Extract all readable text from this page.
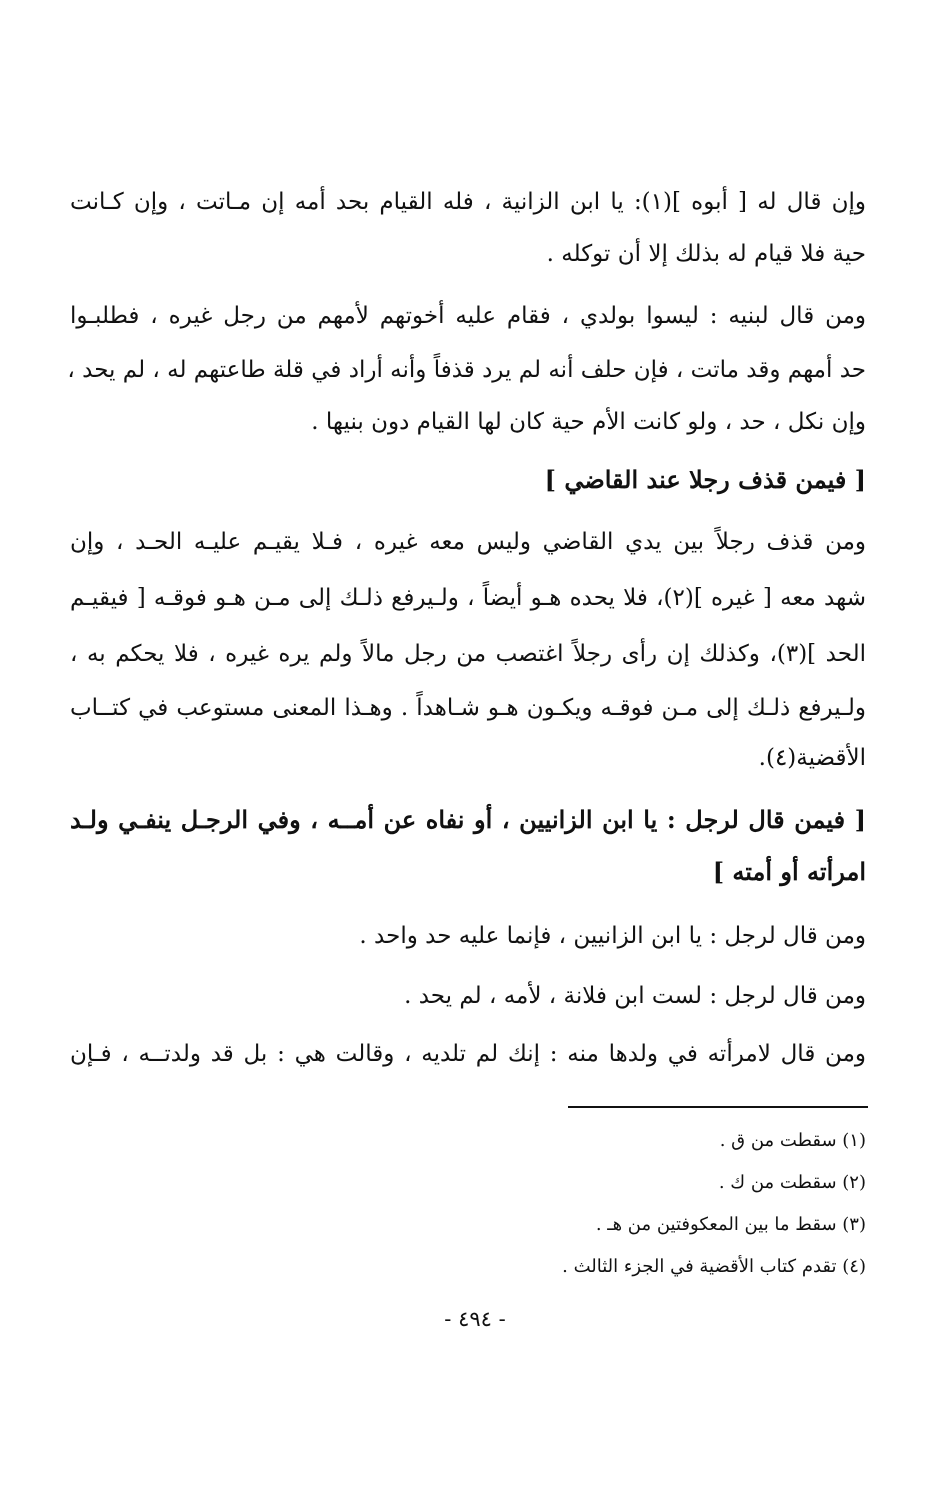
وإن قال له [ أبوه ](١): يا ابن الزانية ، فله القيام بحد أمه إن مـاتت ، وإن كـانت
حية فلا قيام له بذلك إلا أن توكله .
ومن قال لبنيه : ليسوا بولدي ، فقام عليه أخوتهم لأمهم من رجل غيره ، فطلبـوا
حد أمهم وقد ماتت ، فإن حلف أنه لم يرد قذفاً وأنه أراد في قلة طاعتهم له ، لم يحد ،
وإن نكل ، حد ، ولو كانت الأم حية كان لها القيام دون بنيها .
[ فيمن قذف رجلا عند القاضي ]
ومن قذف رجلاً بين يدي القاضي وليس معه غيره ، فـلا يقيـم عليـه الحـد ، وإن
شهد معه [ غيره ](٢)، فلا يحده هـو أيضاً ، ولـيرفع ذلـك إلى مـن هـو فوقـه [ فيقيـم
الحد ](٣)، وكذلك إن رأى رجلاً اغتصب من رجل مالاً ولم يره غيره ، فلا يحكم به ،
ولـيرفع ذلـك إلى مـن فوقـه ويكـون هـو شـاهداً . وهـذا المعنى مستوعب في كتــاب
الأقضية(٤).
[ فيمن قال لرجل : يا ابن الزانيين ، أو نفاه عن أمــه ، وفي الرجـل ينفـي ولـد
امرأته أو أمته ]
ومن قال لرجل : يا ابن الزانيين ، فإنما عليه حد واحد .
ومن قال لرجل : لست ابن فلانة ، لأمه ، لم يحد .
ومن قال لامرأته في ولدها منه : إنك لم تلديه ، وقالت هي : بل قد ولدتــه ، فـإن
(١) سقطت من ق .
(٢) سقطت من ك .
(٣) سقط ما بين المعكوفتين من هـ .
(٤) تقدم كتاب الأقضية في الجزء الثالث .
- ٤٩٤ -
